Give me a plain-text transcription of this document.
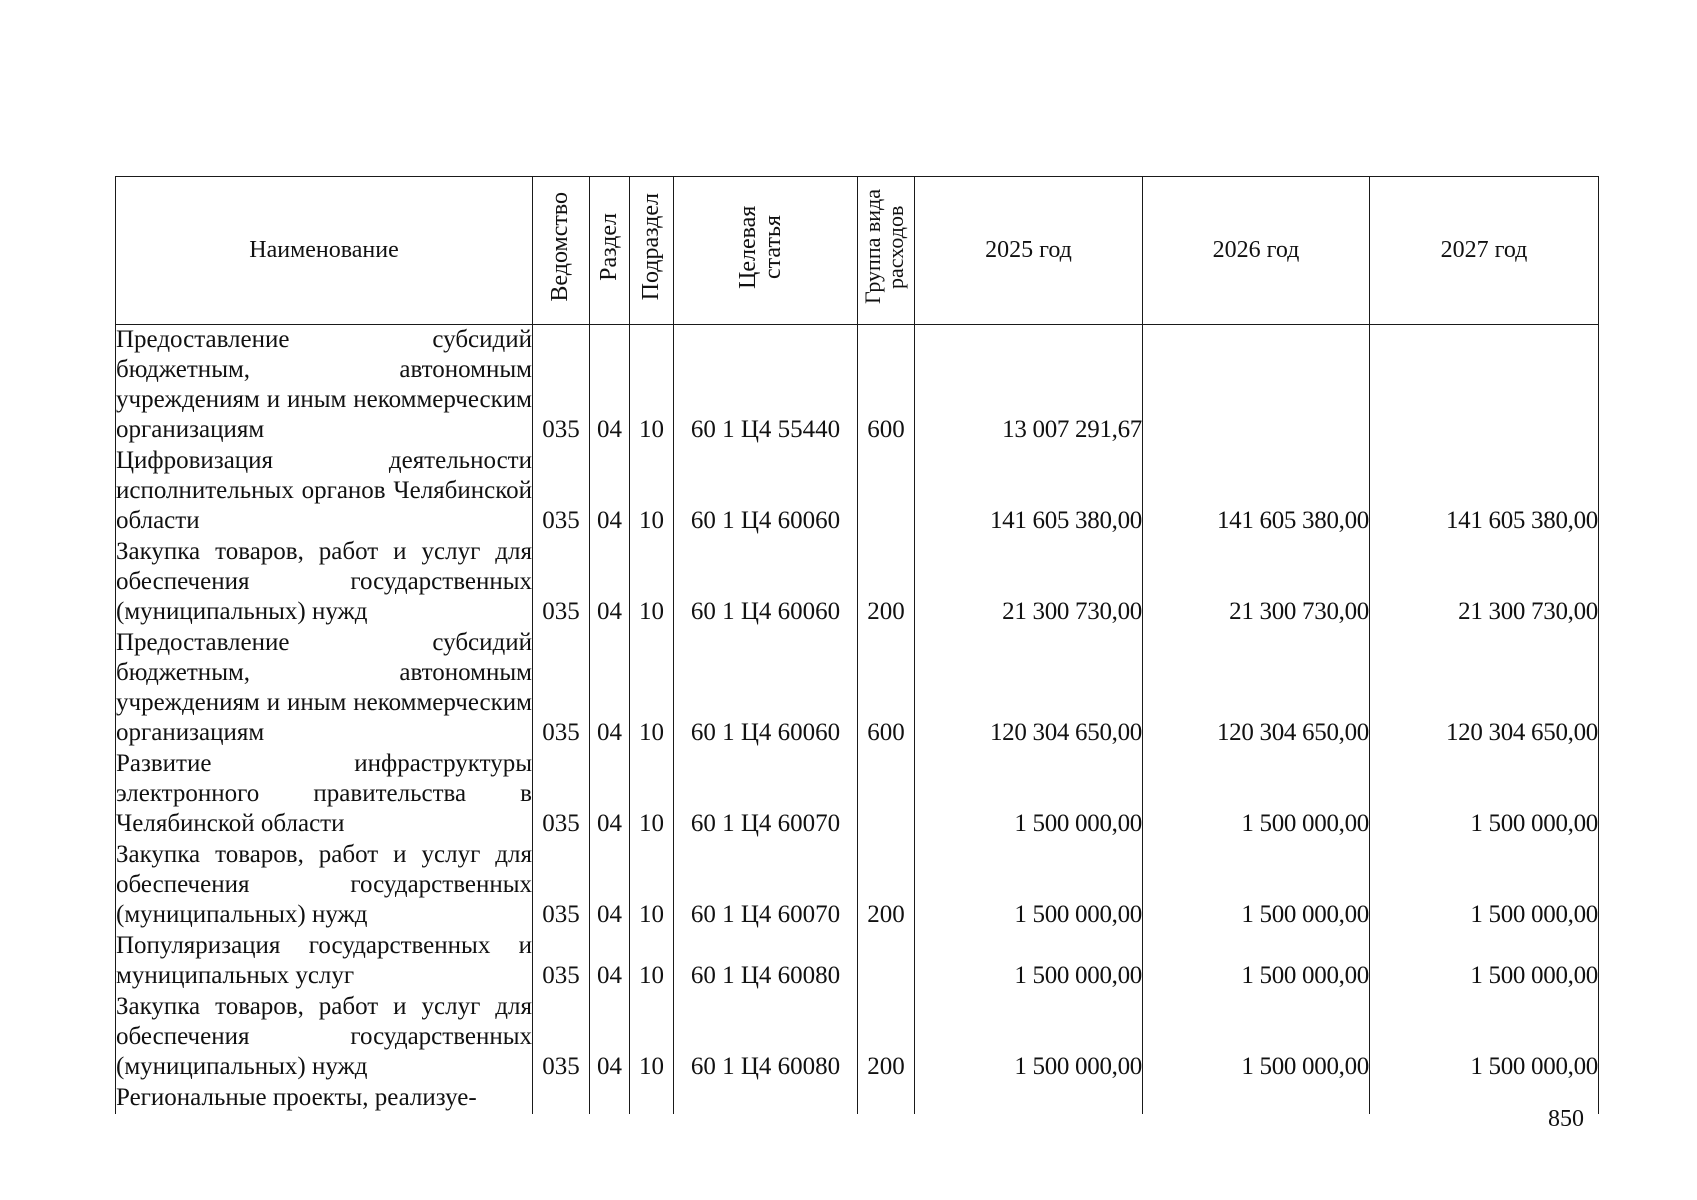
Наименование	Ведомство	Раздел	Подраздел	Целевая статья	Группа вида расходов	2025 год	2026 год	2027 год
Предоставление субсидий бюджетным, автономным учреждениям и иным некоммерческим организациям	035	04	10	60 1 Ц4 55440	600	13 007 291,67		
Цифровизация деятельности исполнительных органов Челябинской области	035	04	10	60 1 Ц4 60060		141 605 380,00	141 605 380,00	141 605 380,00
Закупка товаров, работ и услуг для обеспечения государственных (муниципальных) нужд	035	04	10	60 1 Ц4 60060	200	21 300 730,00	21 300 730,00	21 300 730,00
Предоставление субсидий бюджетным, автономным учреждениям и иным некоммерческим организациям	035	04	10	60 1 Ц4 60060	600	120 304 650,00	120 304 650,00	120 304 650,00
Развитие инфраструктуры электронного правительства в Челябинской области	035	04	10	60 1 Ц4 60070		1 500 000,00	1 500 000,00	1 500 000,00
Закупка товаров, работ и услуг для обеспечения государственных (муниципальных) нужд	035	04	10	60 1 Ц4 60070	200	1 500 000,00	1 500 000,00	1 500 000,00
Популяризация государственных и муниципальных услуг	035	04	10	60 1 Ц4 60080		1 500 000,00	1 500 000,00	1 500 000,00
Закупка товаров, работ и услуг для обеспечения государственных (муниципальных) нужд	035	04	10	60 1 Ц4 60080	200	1 500 000,00	1 500 000,00	1 500 000,00
Региональные проекты, реализуе-								
850
